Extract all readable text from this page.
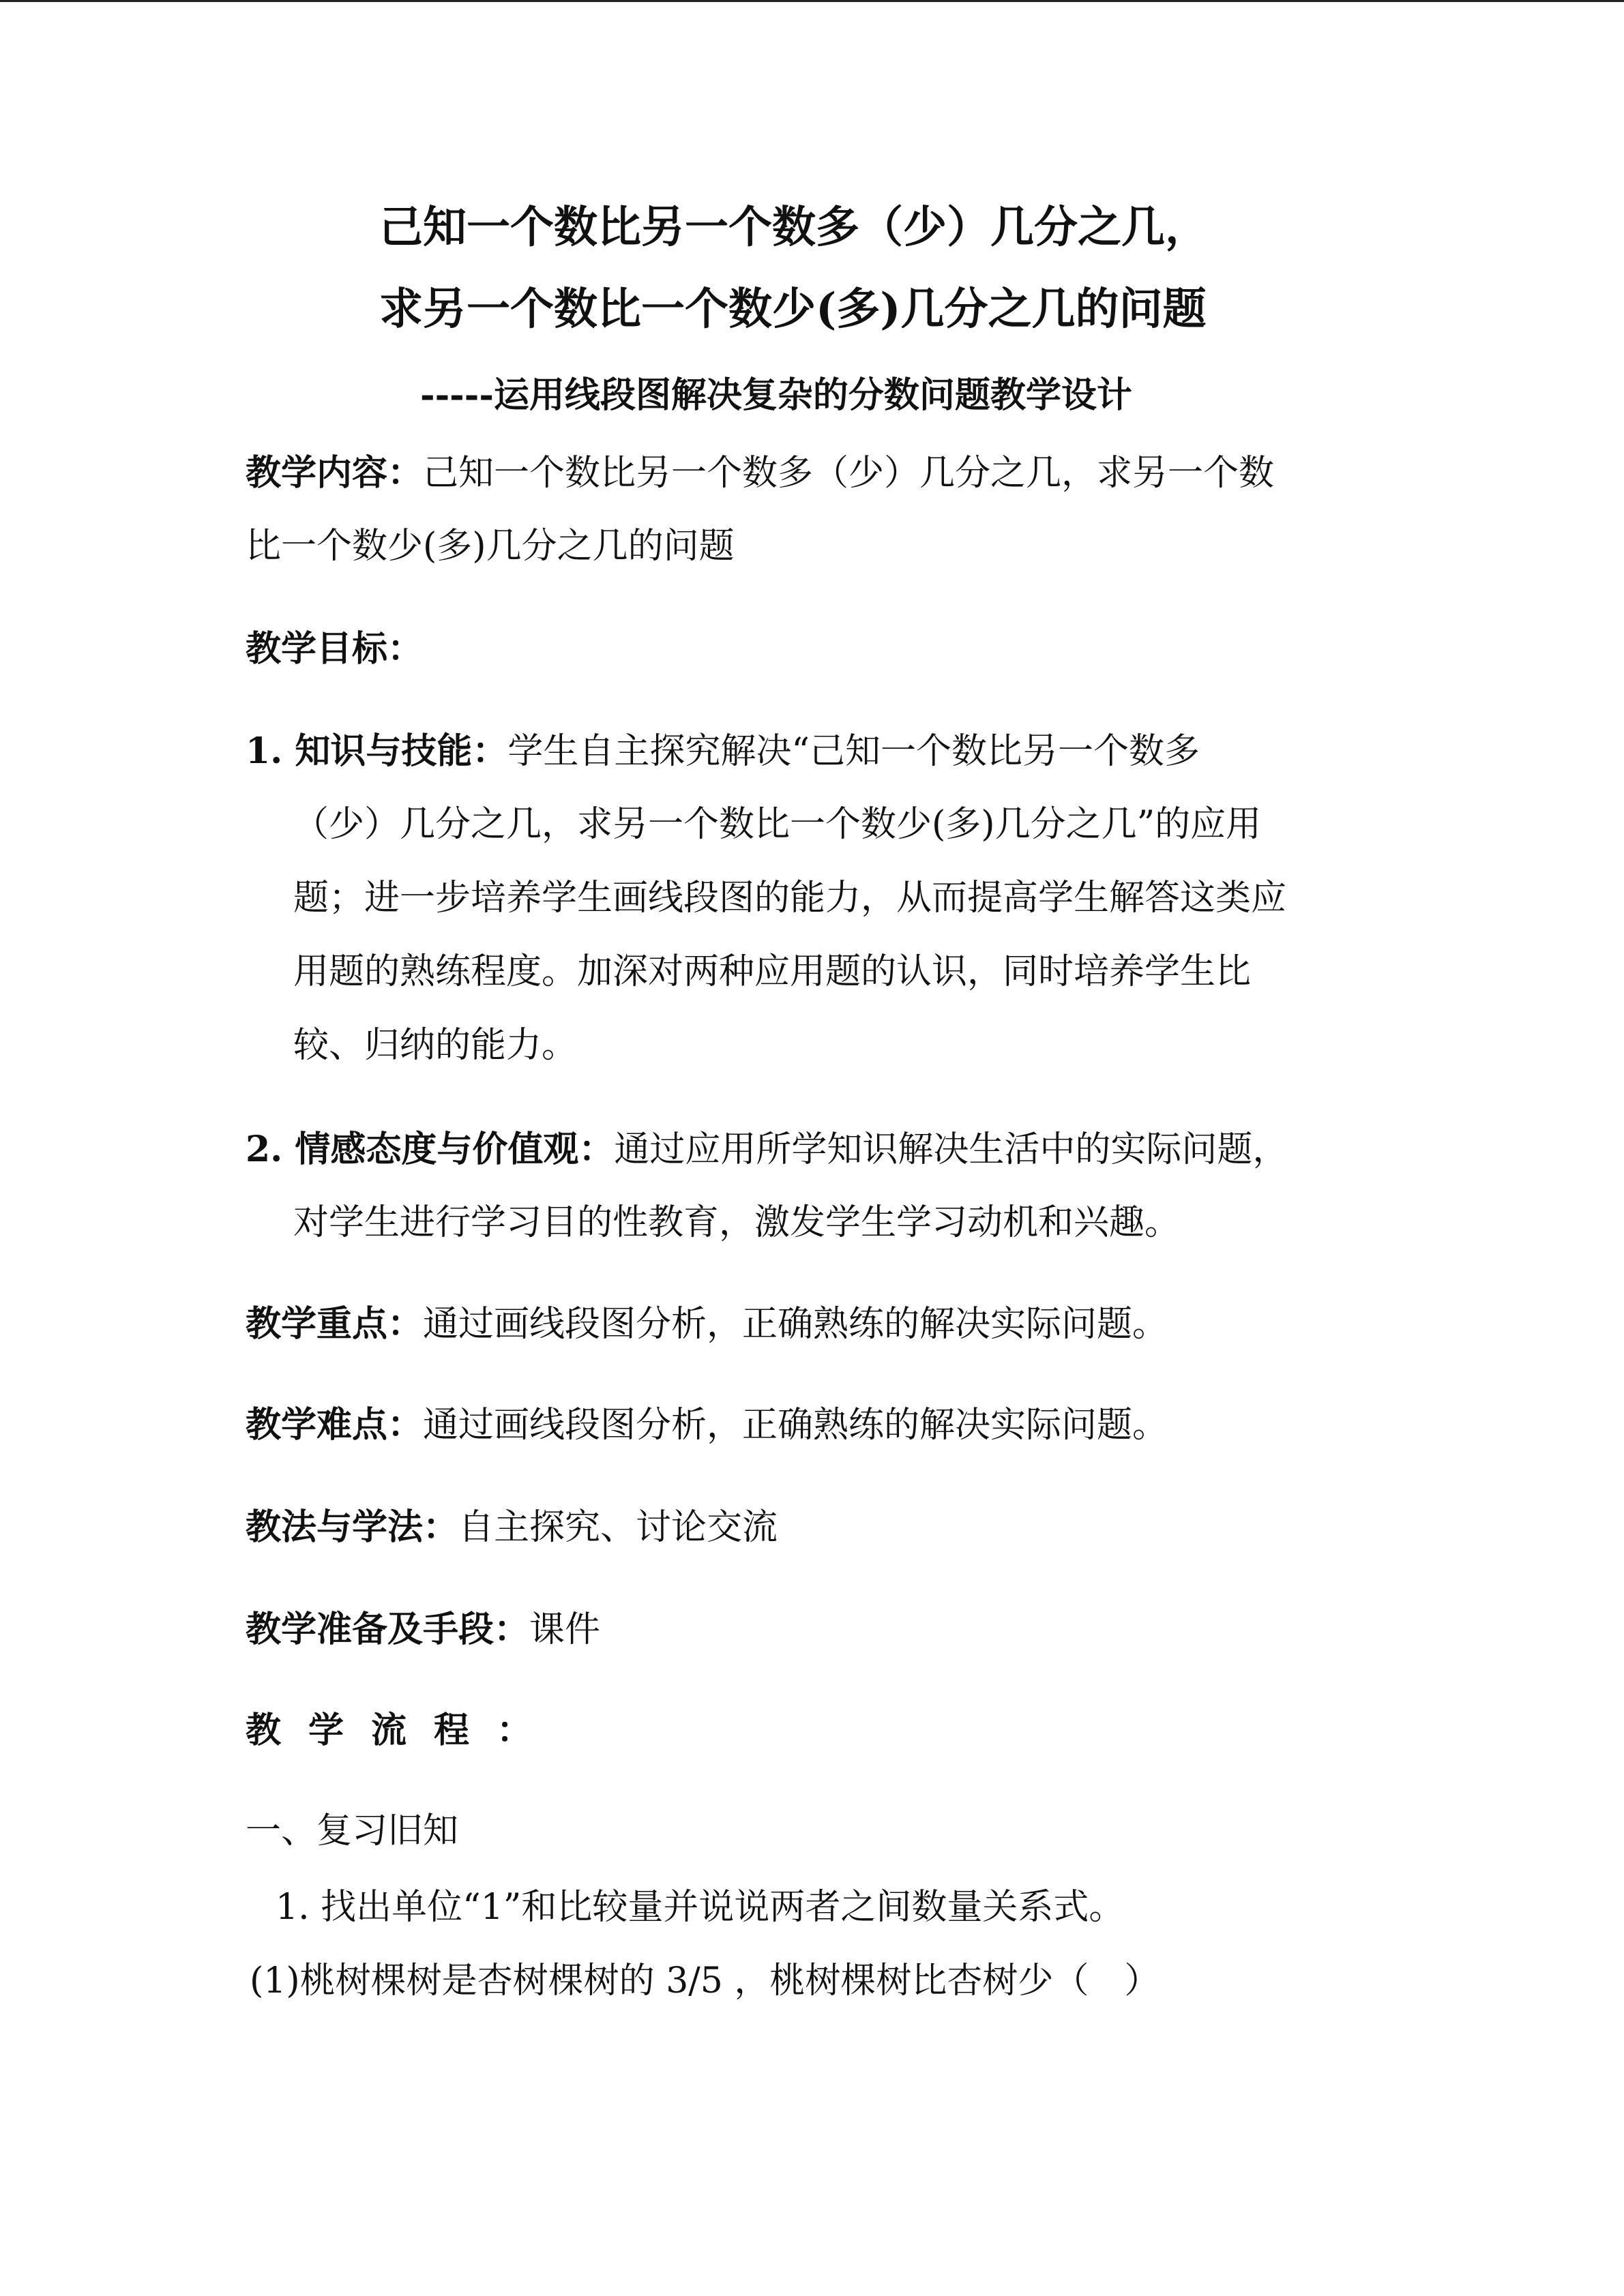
己知一个数比另一个数多（少）几分之几，
求另一个数比一个数少(多)几分之几的问题
-----运用线段图解决复杂的分数问题教学设计
教学内容：己知一个数比另一个数多（少）几分之几，求另一个数
比一个数少(多)几分之几的问题
教学目标：
1. 知识与技能：学生自主探究解决“己知一个数比另一个数多
（少）几分之几，求另一个数比一个数少(多)几分之几”的应用
题；进一步培养学生画线段图的能力，从而提高学生解答这类应
用题的熟练程度。加深对两种应用题的认识，同时培养学生比
较、归纳的能力。
2. 情感态度与价值观：通过应用所学知识解决生活中的实际问题，
对学生进行学习目的性教育，激发学生学习动机和兴趣。
教学重点：通过画线段图分析，正确熟练的解决实际问题。
教学难点：通过画线段图分析，正确熟练的解决实际问题。
教法与学法：自主探究、讨论交流
教学准备及手段：课件
教学流程：
一、复习旧知
1. 找出单位“1”和比较量并说说两者之间数量关系式。
(1)桃树棵树是杏树棵树的 3/5 ，桃树棵树比杏树少（　）
